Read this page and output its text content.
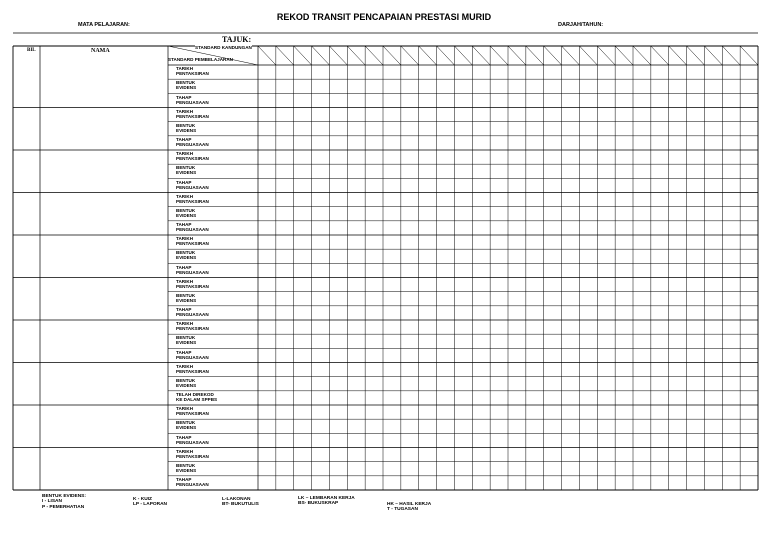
REKOD TRANSIT PENCAPAIAN PRESTASI MURID
MATA PELAJARAN:	DARJAH/TAHUN:
TAJUK:
BIL	NAMA
STANDARD KANDUNGAN
STANDARD PEMBELAJARAN
TARIKH
PENTAKSIRAN
BENTUK
EVIDENS
TAHAP
PENGUASAAN
TARIKH
PENTAKSIRAN
BENTUK
EVIDENS
TAHAP
PENGUASAAN
TARIKH
PENTAKSIRAN
BENTUK
EVIDENS
TAHAP
PENGUASAAN
TARIKH
PENTAKSIRAN
BENTUK
EVIDENS
TAHAP
PENGUASAAN
TARIKH
PENTAKSIRAN
BENTUK
EVIDENS
TAHAP
PENGUASAAN
TARIKH
PENTAKSIRAN
BENTUK
EVIDENS
TAHAP
PENGUASAAN
TARIKH
PENTAKSIRAN
BENTUK
EVIDENS
TAHAP
PENGUASAAN
TARIKH
PENTAKSIRAN
BENTUK
EVIDENS
TELAH DIREKOD
KE DALAM SPPBS
TARIKH
PENTAKSIRAN
BENTUK
EVIDENS
TAHAP
PENGUASAAN
TARIKH
PENTAKSIRAN
BENTUK
EVIDENS
TAHAP
PENGUASAAN
BENTUK EVIDENS:
I - LISAN
P - PEMERHATIAN
K - KUIZ
LP - LAPORAN
L-LAKONAN
BT- BUKUTULIS
LK – LEMBARAN KERJA
BS- BUKUSKRAP	HK – HASIL KERJA
T - TUGASAN
